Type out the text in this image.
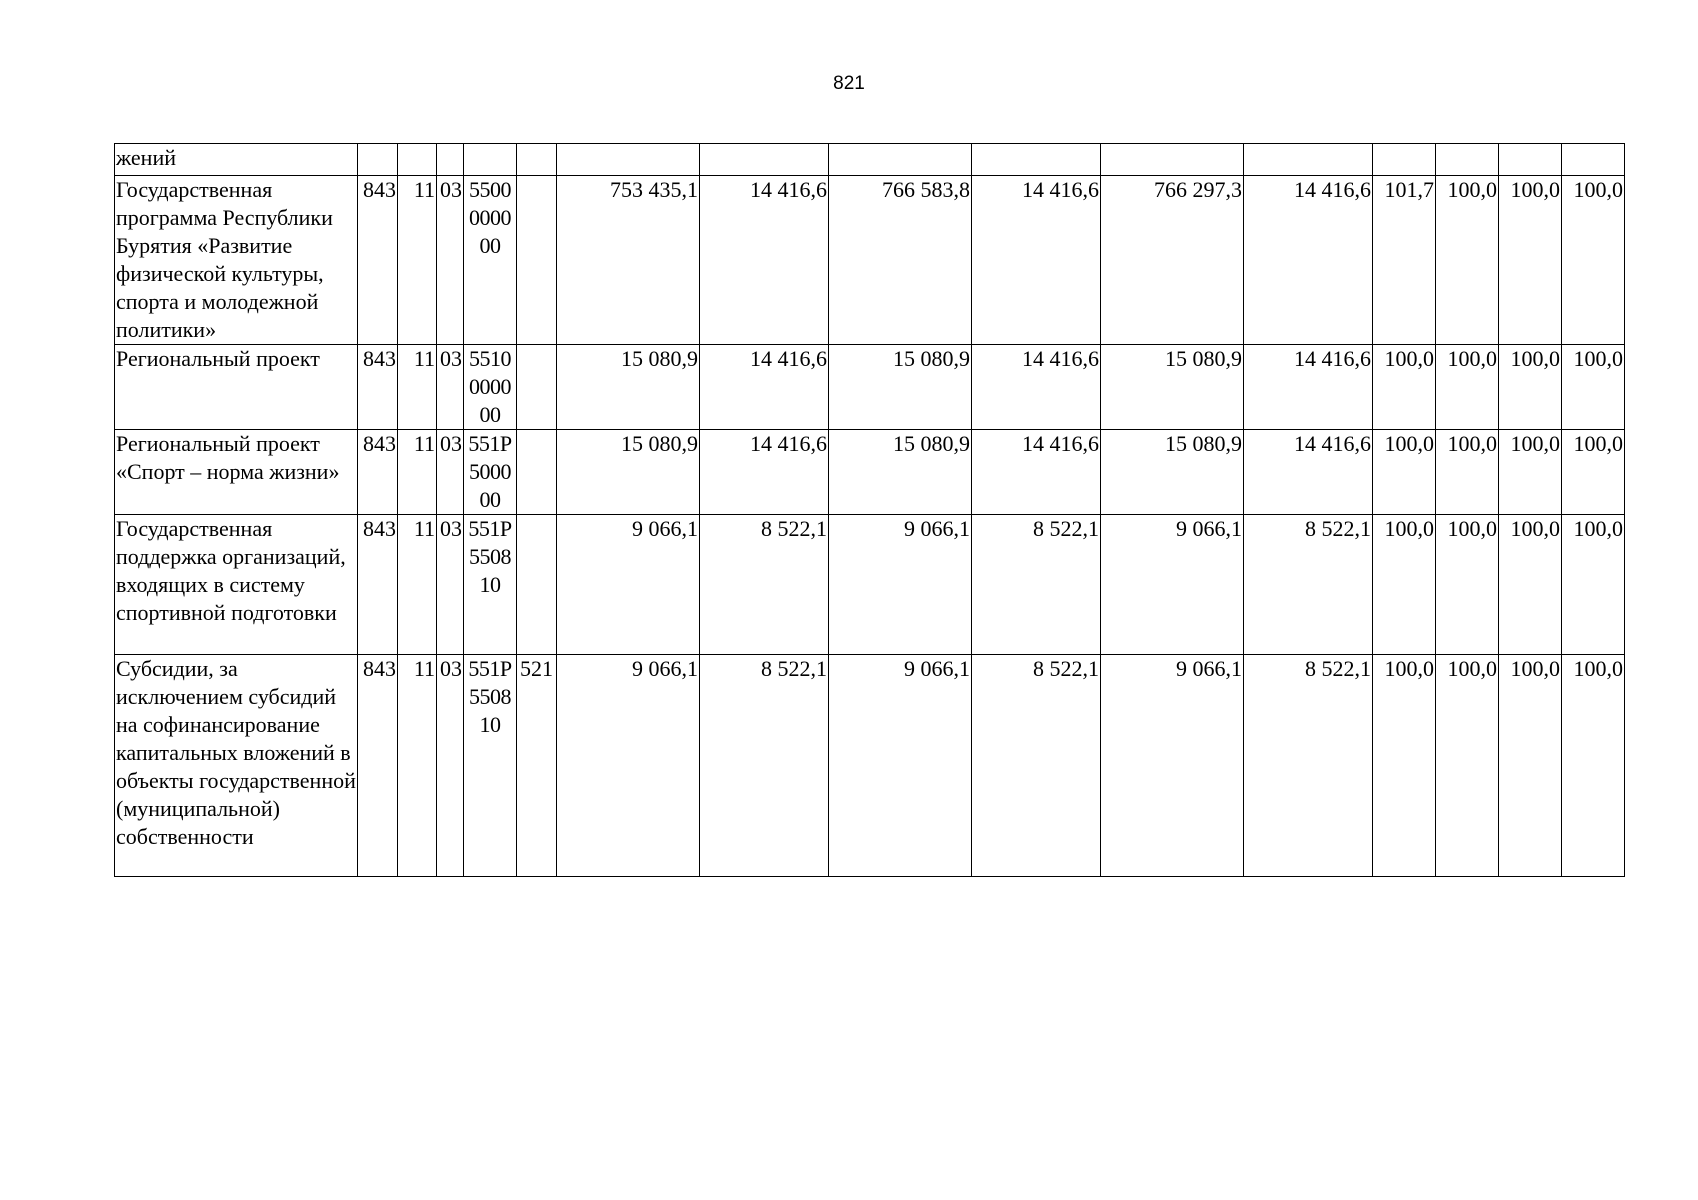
821
жений															
Государственная программа Республики Бурятия «Развитие физической культуры, спорта и молодежной политики»	843	11	03	5500
0000
00		753 435,1	14 416,6	766 583,8	14 416,6	766 297,3	14 416,6	101,7	100,0	100,0	100,0
Региональный проект	843	11	03	5510
0000
00		15 080,9	14 416,6	15 080,9	14 416,6	15 080,9	14 416,6	100,0	100,0	100,0	100,0
Региональный проект «Спорт – норма жизни»	843	11	03	551P
5000
00		15 080,9	14 416,6	15 080,9	14 416,6	15 080,9	14 416,6	100,0	100,0	100,0	100,0
Государственная поддержка организаций, входящих в систему спортивной подготовки	843	11	03	551P
5508
10		9 066,1	8 522,1	9 066,1	8 522,1	9 066,1	8 522,1	100,0	100,0	100,0	100,0
Субсидии, за исключением субсидий на софинансирование капитальных вложений в объекты государственной (муниципальной) собственности	843	11	03	551P
5508
10	521	9 066,1	8 522,1	9 066,1	8 522,1	9 066,1	8 522,1	100,0	100,0	100,0	100,0
